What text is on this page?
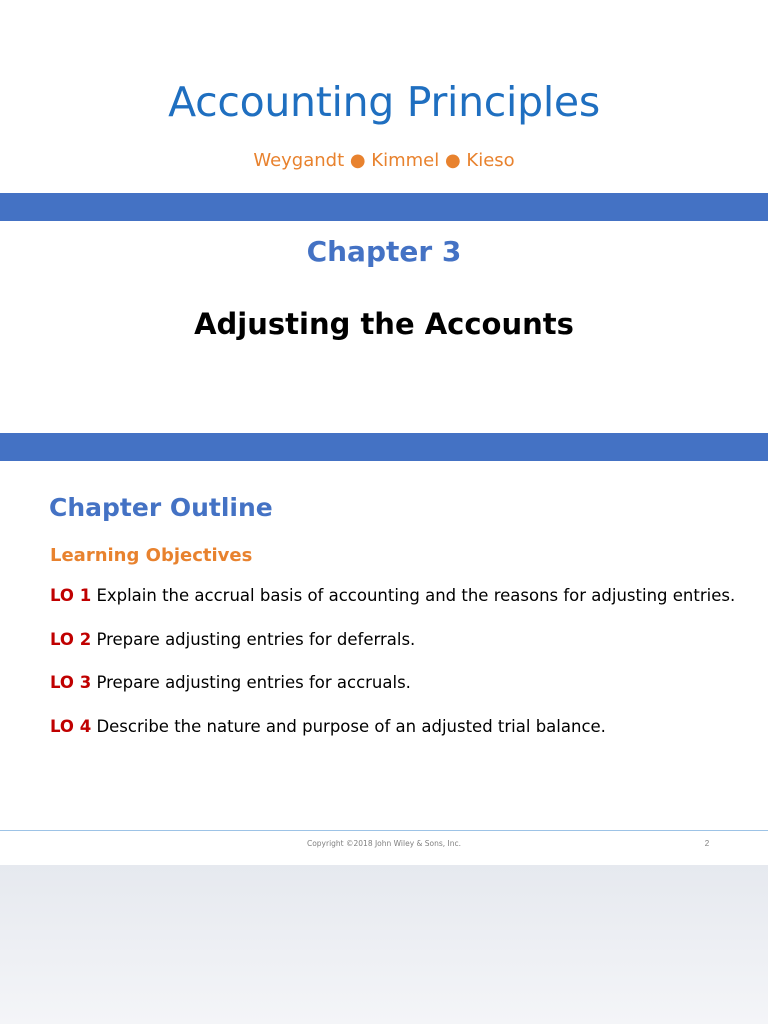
Accounting Principles
Weygandt ● Kimmel ● Kieso
Chapter 3
Adjusting the Accounts
Chapter Outline
Learning Objectives
LO 1 Explain the accrual basis of accounting and the reasons for adjusting entries.
LO 2 Prepare adjusting entries for deferrals.
LO 3 Prepare adjusting entries for accruals.
LO 4 Describe the nature and purpose of an adjusted trial balance.
Copyright ©2018 John Wiley & Sons, Inc.	2
